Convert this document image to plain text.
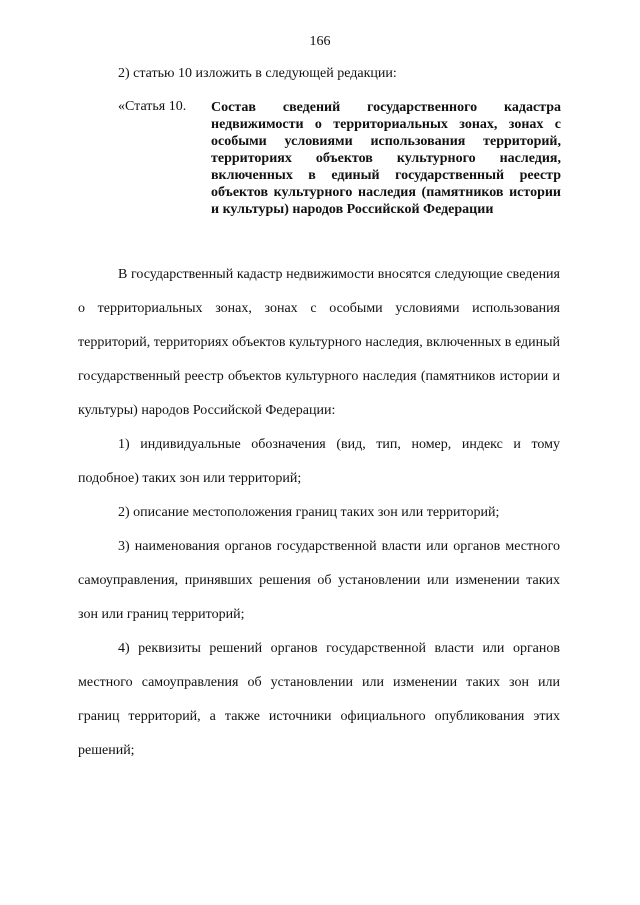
166
2) статью 10 изложить в следующей редакции:
«Статья 10. Состав сведений государственного кадастра недвижимости о территориальных зонах, зонах с особыми условиями использования территорий, территориях объектов культурного наследия, включенных в единый государственный реестр объектов культурного наследия (памятников истории и культуры) народов Российской Федерации

В государственный кадастр недвижимости вносятся следующие сведения о территориальных зонах, зонах с особыми условиями использования территорий, территориях объектов культурного наследия, включенных в единый государственный реестр объектов культурного наследия (памятников истории и культуры) народов Российской Федерации:

1) индивидуальные обозначения (вид, тип, номер, индекс и тому подобное) таких зон или территорий;

2) описание местоположения границ таких зон или территорий;

3) наименования органов государственной власти или органов местного самоуправления, принявших решения об установлении или изменении таких зон или границ территорий;

4) реквизиты решений органов государственной власти или органов местного самоуправления об установлении или изменении таких зон или границ территорий, а также источники официального опубликования этих решений;
